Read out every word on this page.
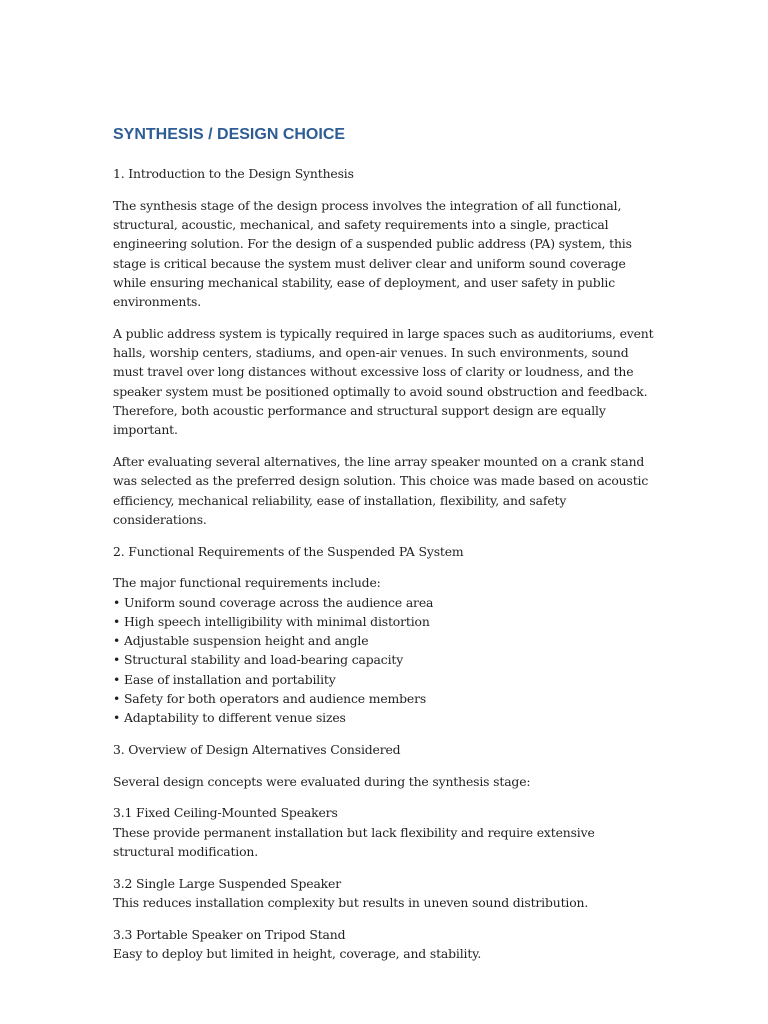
SYNTHESIS / DESIGN CHOICE
1. Introduction to the Design Synthesis
The synthesis stage of the design process involves the integration of all functional, structural, acoustic, mechanical, and safety requirements into a single, practical engineering solution. For the design of a suspended public address (PA) system, this stage is critical because the system must deliver clear and uniform sound coverage while ensuring mechanical stability, ease of deployment, and user safety in public environments.
A public address system is typically required in large spaces such as auditoriums, event halls, worship centers, stadiums, and open-air venues. In such environments, sound must travel over long distances without excessive loss of clarity or loudness, and the speaker system must be positioned optimally to avoid sound obstruction and feedback. Therefore, both acoustic performance and structural support design are equally important.
After evaluating several alternatives, the line array speaker mounted on a crank stand was selected as the preferred design solution. This choice was made based on acoustic efficiency, mechanical reliability, ease of installation, flexibility, and safety considerations.
2. Functional Requirements of the Suspended PA System
The major functional requirements include:
• Uniform sound coverage across the audience area
• High speech intelligibility with minimal distortion
• Adjustable suspension height and angle
• Structural stability and load-bearing capacity
• Ease of installation and portability
• Safety for both operators and audience members
• Adaptability to different venue sizes
3. Overview of Design Alternatives Considered
Several design concepts were evaluated during the synthesis stage:
3.1 Fixed Ceiling-Mounted Speakers
These provide permanent installation but lack flexibility and require extensive structural modification.
3.2 Single Large Suspended Speaker
This reduces installation complexity but results in uneven sound distribution.
3.3 Portable Speaker on Tripod Stand
Easy to deploy but limited in height, coverage, and stability.
